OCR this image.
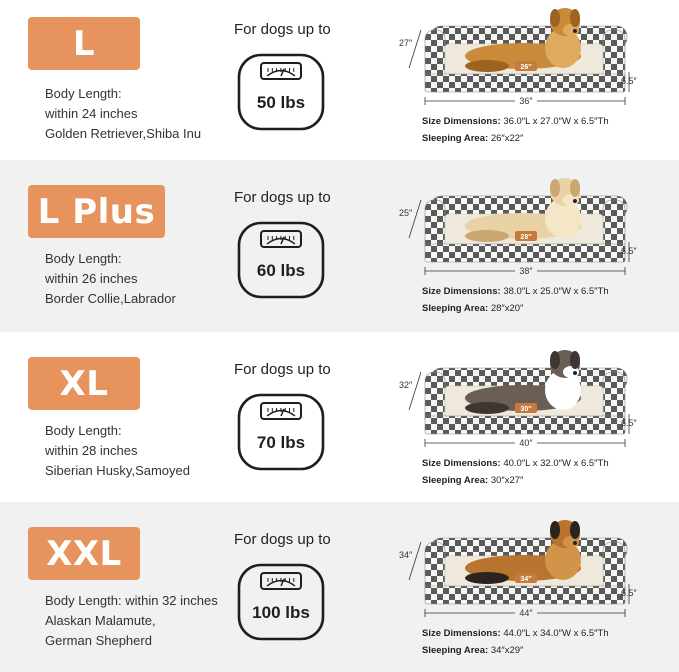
L
Body Length:
within 24 inches
Golden Retriever,Shiba Inu
For dogs up to
50 lbs
26″
27″
36″
6.5″
Size Dimensions: 36.0″L x 27.0″W x 6.5″Th
Sleeping Area: 26″x22″
L Plus
Body Length:
within 26 inches
Border Collie,Labrador
For dogs up to
60 lbs
28″
25″
38″
6.5″
Size Dimensions: 38.0″L x 25.0″W x 6.5″Th
Sleeping Area: 28″x20″
XL
Body Length:
within 28 inches
Siberian Husky,Samoyed
For dogs up to
70 lbs
30″
32″
40″
6.5″
Size Dimensions: 40.0″L x 32.0″W x 6.5″Th
Sleeping Area: 30″x27″
XXL
Body Length: within 32 inches
Alaskan Malamute,
German Shepherd
For dogs up to
100 lbs
34″
34″
44″
6.5″
Size Dimensions: 44.0″L x 34.0″W x 6.5″Th
Sleeping Area: 34″x29″
